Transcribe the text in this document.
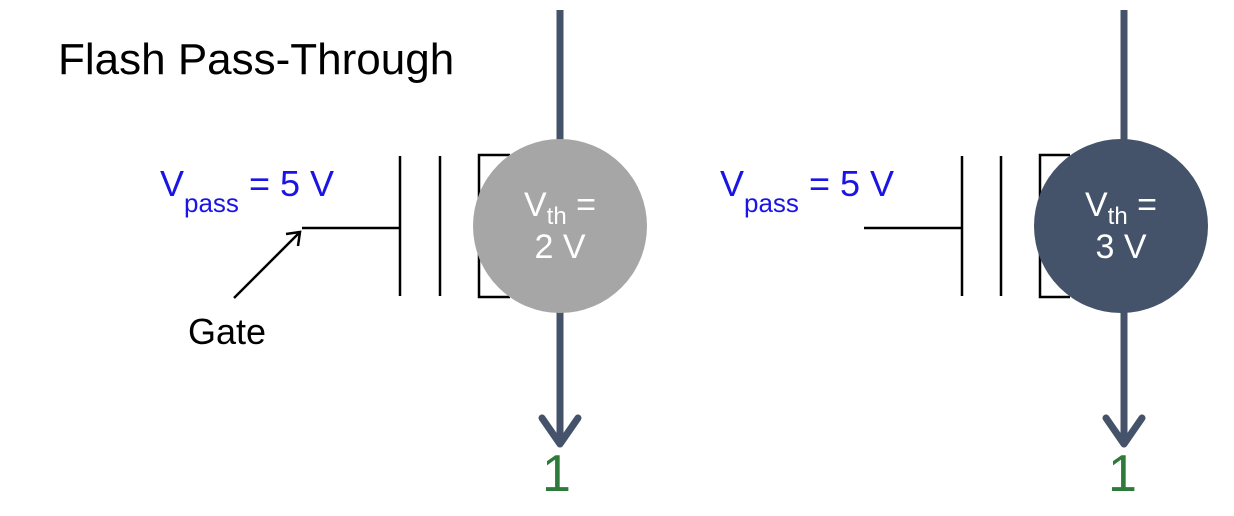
Flash Pass-Through
$V_{pass} = 5$ V
Gate
$V_{th}$ =
2 V
1
$V_{pass} = 5$ V
$V_{th}$ =
3 V
1
